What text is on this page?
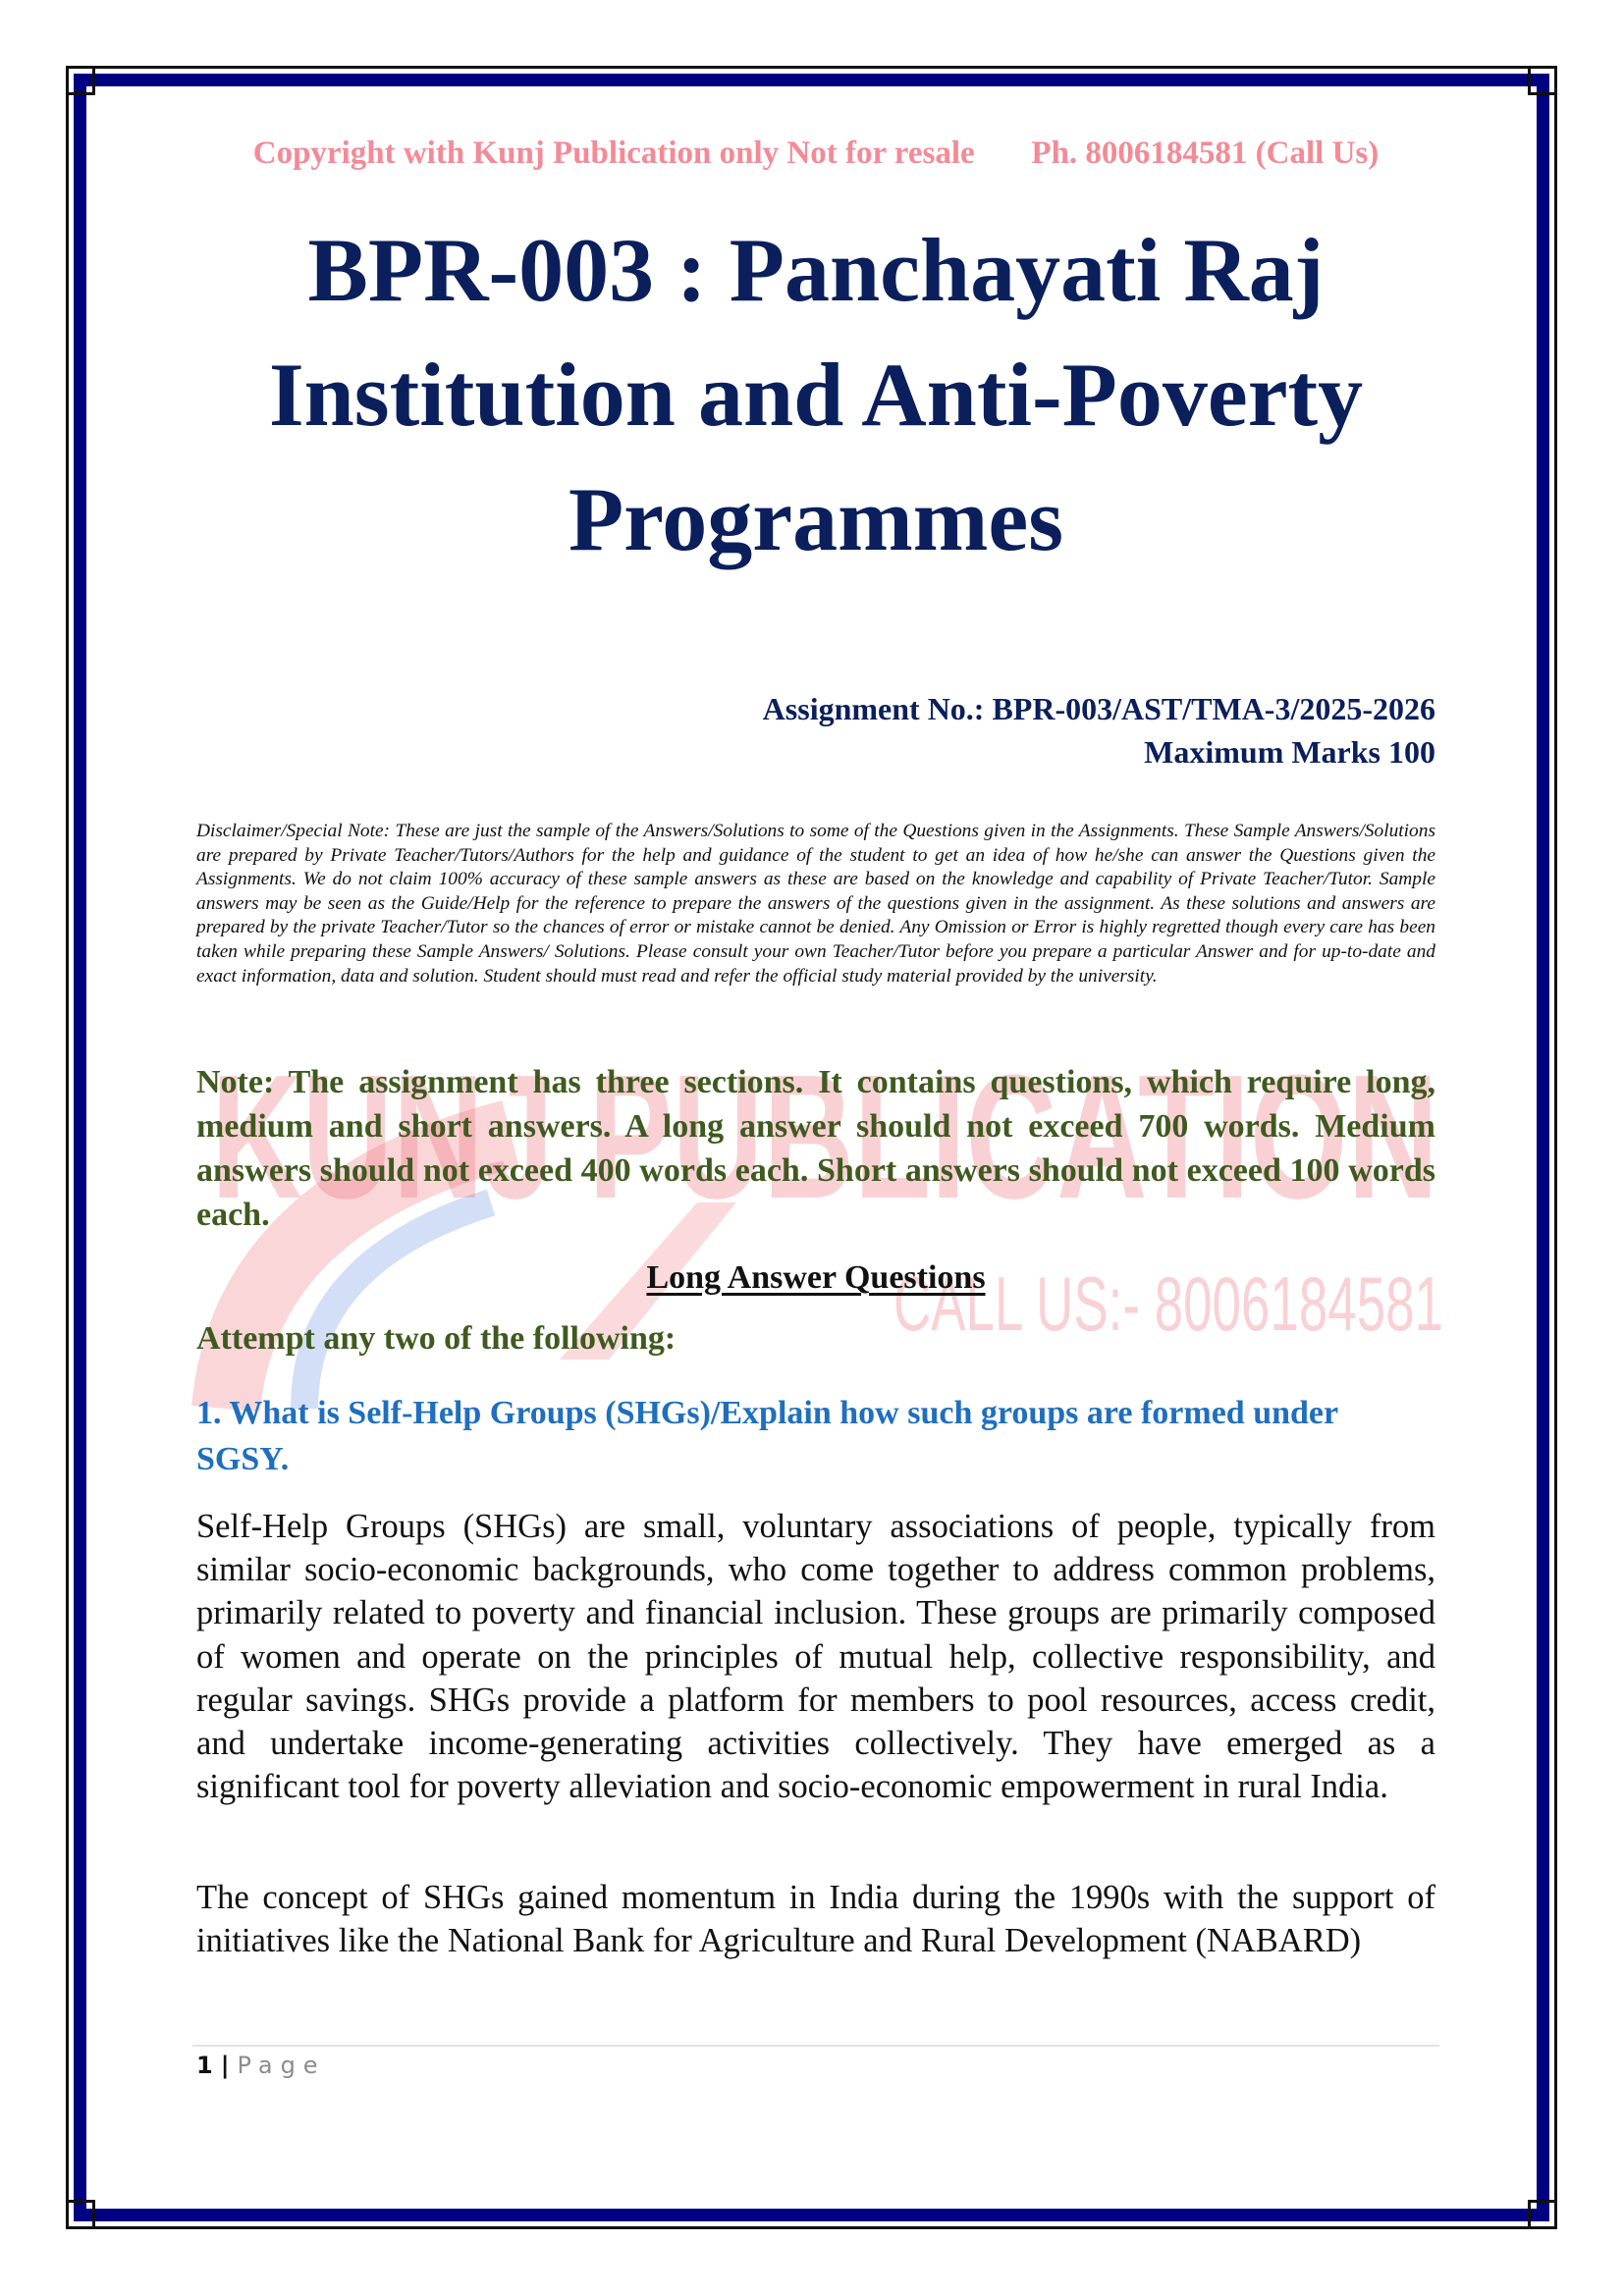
KUNJ PUBLICATION
CALL US:- 8006184581
Copyright with Kunj Publication only Not for resale Ph. 8006184581 (Call Us)
BPR-003 : Panchayati Raj
Institution and Anti-Poverty
Programmes
Assignment No.: BPR-003/AST/TMA-3/2025-2026
Maximum Marks 100
Disclaimer/Special Note: These are just the sample of the Answers/Solutions to some of the Questions given in the Assignments. These Sample Answers/Solutions are prepared by Private Teacher/Tutors/Authors for the help and guidance of the student to get an idea of how he/she can answer the Questions given the Assignments. We do not claim 100% accuracy of these sample answers as these are based on the knowledge and capability of Private Teacher/Tutor. Sample answers may be seen as the Guide/Help for the reference to prepare the answers of the questions given in the assignment. As these solutions and answers are prepared by the private Teacher/Tutor so the chances of error or mistake cannot be denied. Any Omission or Error is highly regretted though every care has been taken while preparing these Sample Answers/ Solutions. Please consult your own Teacher/Tutor before you prepare a particular Answer and for up-to-date and exact information, data and solution. Student should must read and refer the official study material provided by the university.
Note: The assignment has three sections. It contains questions, which require long, medium and short answers. A long answer should not exceed 700 words. Medium answers should not exceed 400 words each. Short answers should not exceed 100 words each.
Long Answer Questions
Attempt any two of the following:
1. What is Self-Help Groups (SHGs)/Explain how such groups are formed under SGSY.
Self-Help Groups (SHGs) are small, voluntary associations of people, typically from similar socio-economic backgrounds, who come together to address common problems, primarily related to poverty and financial inclusion. These groups are primarily composed of women and operate on the principles of mutual help, collective responsibility, and regular savings. SHGs provide a platform for members to pool resources, access credit, and undertake income-generating activities collectively. They have emerged as a significant tool for poverty alleviation and socio-economic empowerment in rural India.
The concept of SHGs gained momentum in India during the 1990s with the support of initiatives like the National Bank for Agriculture and Rural Development (NABARD)
1 | Page
